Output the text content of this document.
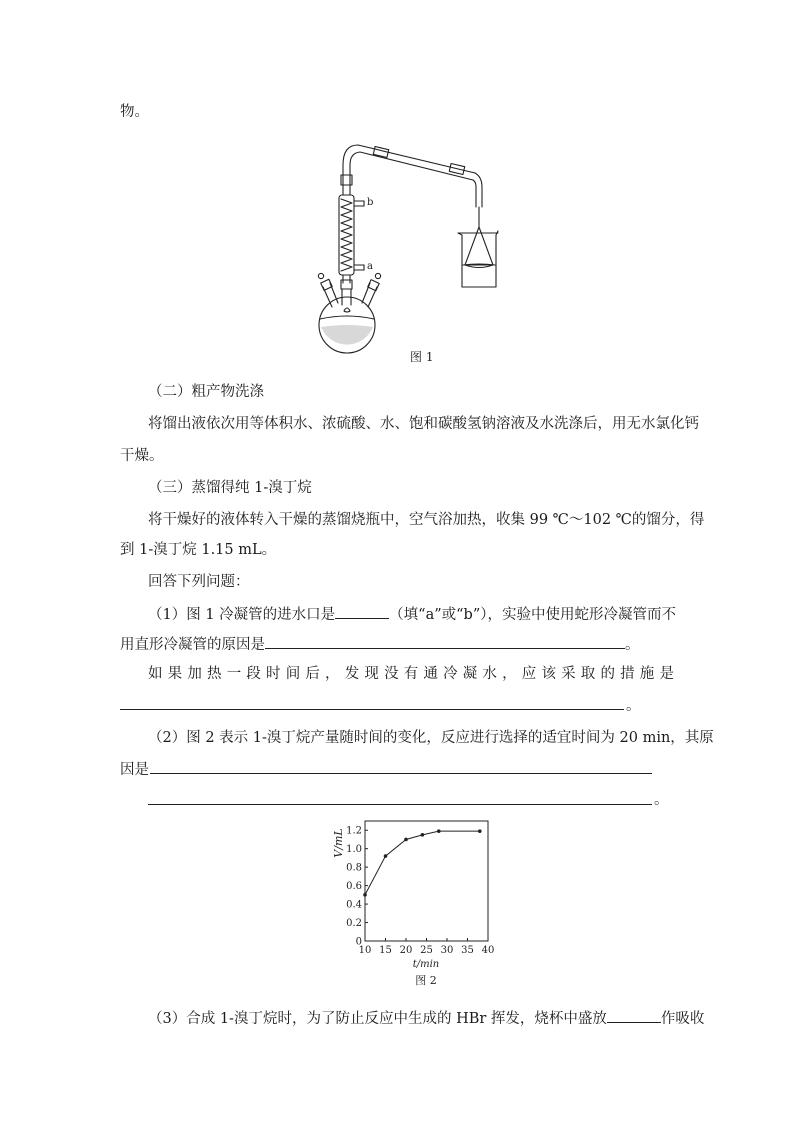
物。
b
a
图 1
（二）粗产物洗涤
将馏出液依次用等体积水、浓硫酸、水、饱和碳酸氢钠溶液及水洗涤后，用无水氯化钙
干燥。
（三）蒸馏得纯 1-溴丁烷
将干燥好的液体转入干燥的蒸馏烧瓶中，空气浴加热，收集 99 ℃～102 ℃的馏分，得
到 1-溴丁烷 1.15 mL。
回答下列问题：
（1）图 1 冷凝管的进水口是	（填“a”或“b”），实验中使用蛇形冷凝管而不
用直形冷凝管的原因是	。
如 果 加 热 一 段 时 间 后 ， 发 现 没 有 通 冷 凝 水 ， 应 该 采 取 的 措 施 是
。
（2）图 2 表示 1-溴丁烷产量随时间的变化，反应进行选择的适宜时间为 20 min，其原
因是
。
0
0.2
0.4
0.6
0.8
1.0
1.2
10 15 20 25 30 35 40
V/mL
t/min
图 2
（3）合成 1-溴丁烷时，为了防止反应中生成的 HBr 挥发，烧杯中盛放	作吸收
